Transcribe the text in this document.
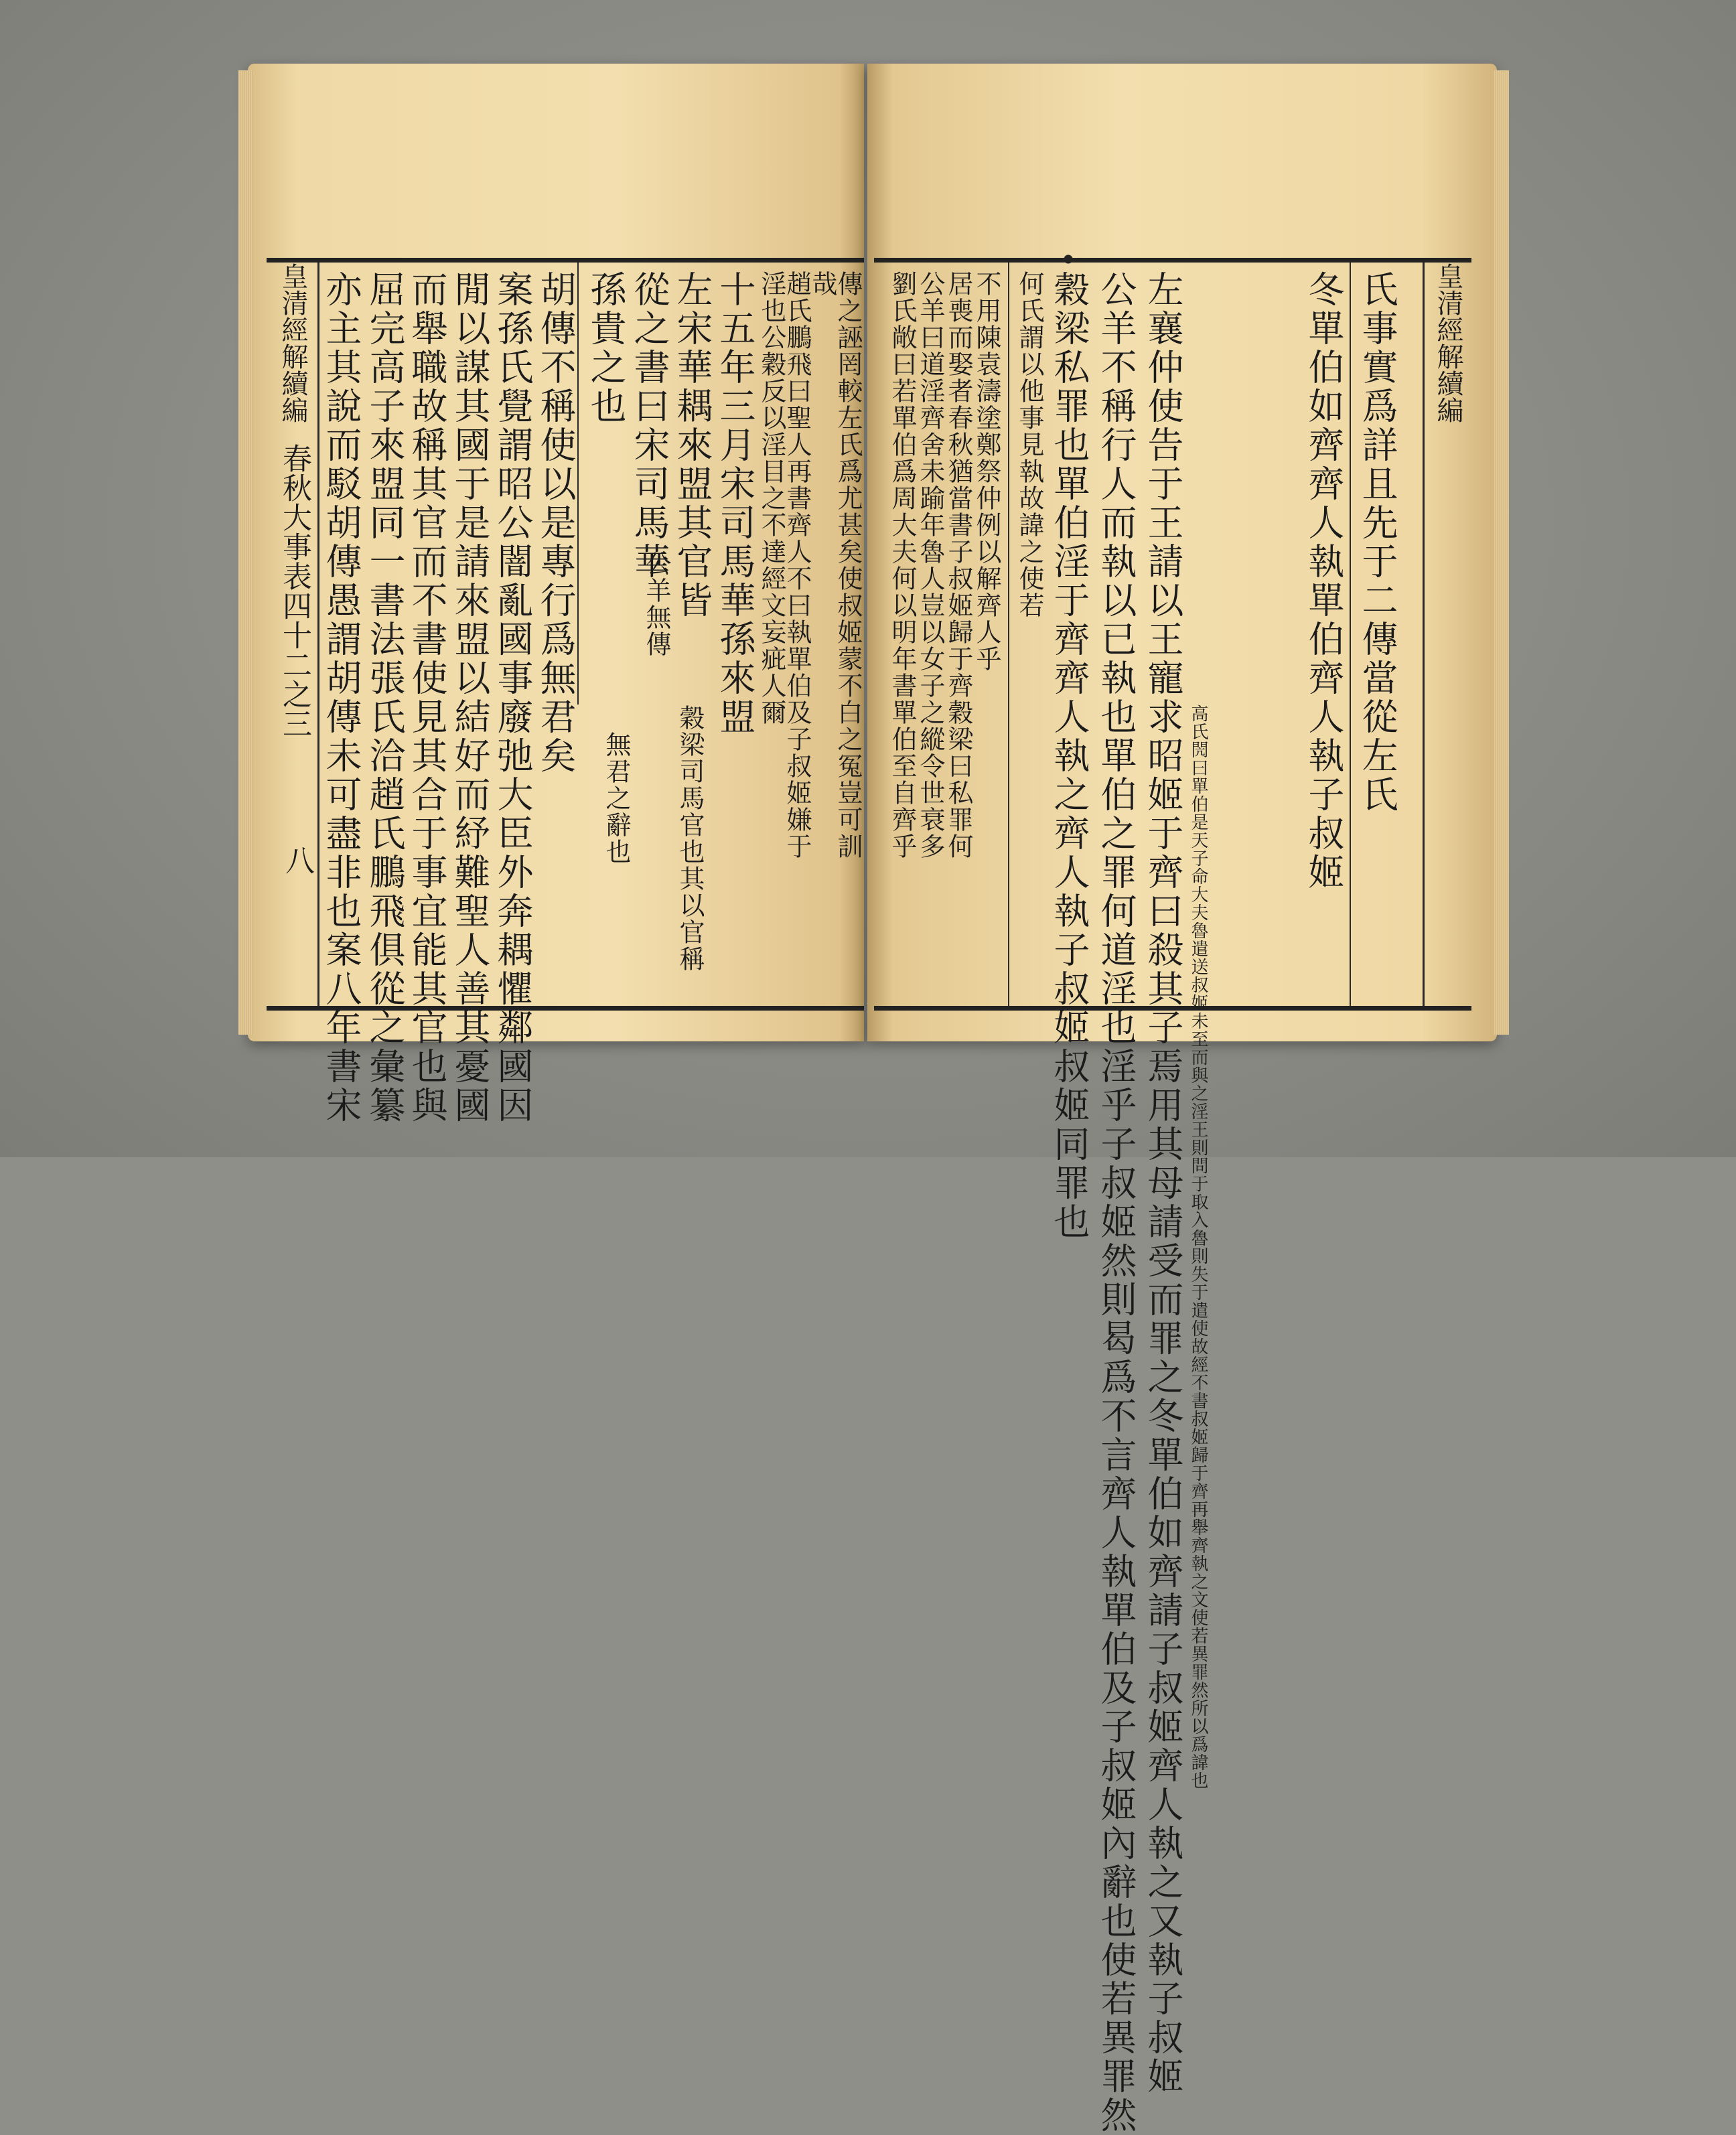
皇清經解續編
春秋大事表四十二之三
八 亦主其說而駁胡傳愚謂胡傳未可盡非也案八年書宋 屈完高子來盟同一書法張氏洽趙氏鵬飛俱從之彙纂 而舉職故稱其官而不書使見其合于事宜能其官也與 閒以謀其國于是請來盟以結好而紓難聖人善其憂國 案孫氏覺謂昭公闇亂國事廢弛大臣外奔耦懼鄰國因 胡傳不稱使以是專行爲無君矣 孫貴之也 從之書曰宋司馬華 左宋華耦來盟其官皆 十五年三月宋司馬華孫來盟
公羊無傳
穀梁司馬官也其以官稱
無君之辭也
淫也公穀反以淫目之不達經文妄疵人爾
趙氏鵬飛曰聖人再書齊人不曰執單伯及子叔姬嫌于
哉
傳之誣罔較左氏爲尤甚矣使叔姬蒙不白之冤豈可訓	皇清經解續編
劉氏敞曰若單伯爲周大夫何以明年書單伯至自齊乎
公羊曰道淫齊舍未踰年魯人豈以女子之縱令世衰多
居喪而娶者春秋猶當書子叔姬歸于齊穀梁曰私罪何
不用陳袁濤塗鄭祭仲例以解齊人乎 何氏謂以他事見執故諱之使若 穀梁私罪也單伯淫于齊齊人執之齊人執子叔姬叔姬同罪也 公羊不稱行人而執以已執也單伯之罪何道淫也淫乎子叔姬然則曷爲不言齊人執單伯及子叔姬內辭也使若異罪然 左襄仲使告于王請以王寵求昭姬于齊曰殺其子焉用其母請受而罪之冬單伯如齊請子叔姬齊人執之又執子叔姬 高氏閌曰單伯是天子命大夫魯遣送叔姬未至而與之淫王則問于取入魯則失于遣使故經不書叔姬歸于齊再舉齊執之文使若異罪然所以爲諱也
冬單伯如齊齊人執單伯齊人執子叔姬 氏事實爲詳且先于二傳當從左氏
